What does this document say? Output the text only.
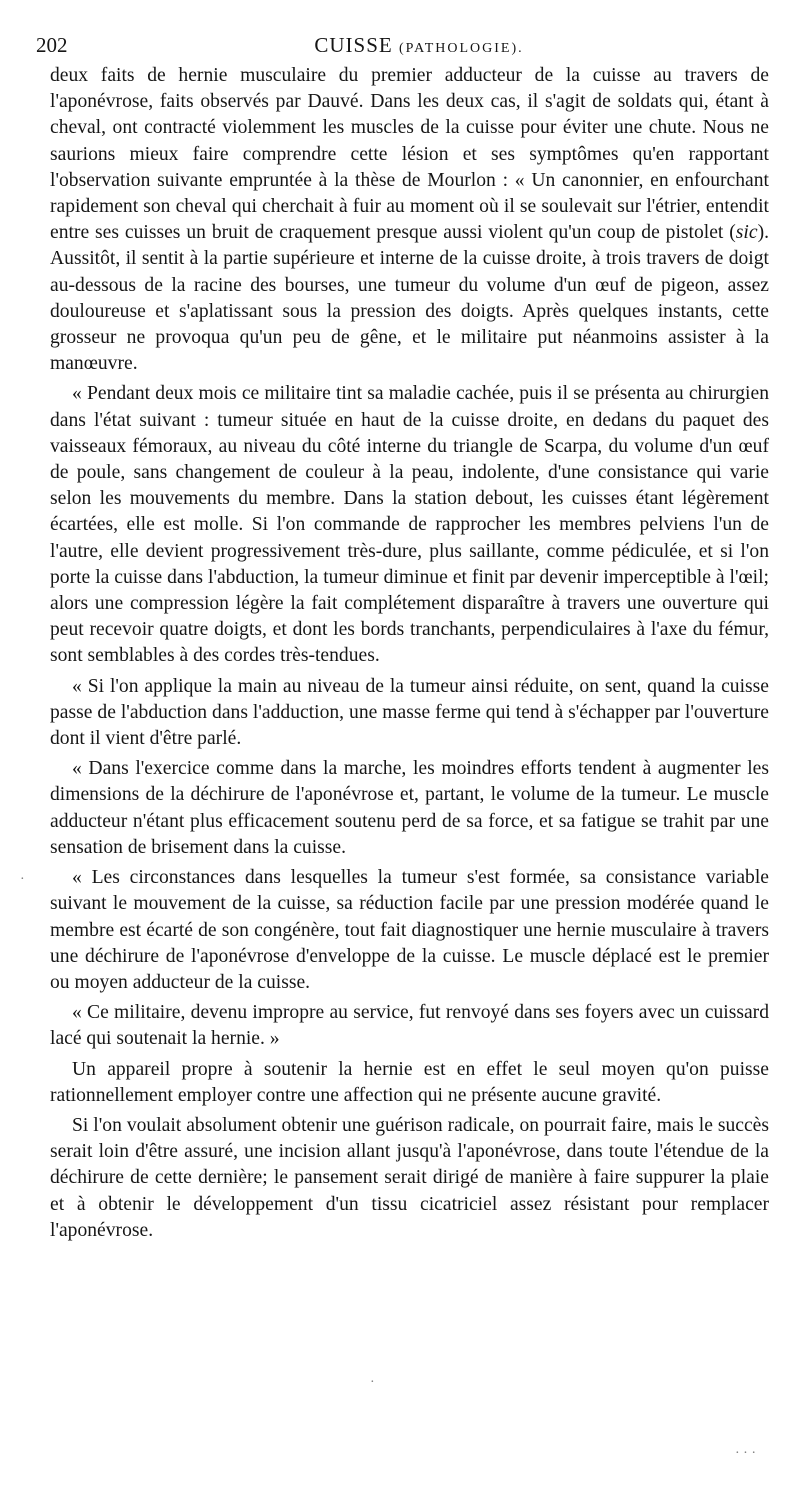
202	CUISSE (PATHOLOGIE).

deux faits de hernie musculaire du premier adducteur de la cuisse au travers de l'aponévrose, faits observés par Dauvé. Dans les deux cas, il s'agit de soldats qui, étant à cheval, ont contracté violemment les muscles de la cuisse pour éviter une chute. Nous ne saurions mieux faire comprendre cette lésion et ses symptômes qu'en rapportant l'observation suivante empruntée à la thèse de Mourlon : « Un canonnier, en enfourchant rapidement son cheval qui cherchait à fuir au moment où il se soulevait sur l'étrier, entendit entre ses cuisses un bruit de craquement presque aussi violent qu'un coup de pistolet (sic). Aussitôt, il sentit à la partie supérieure et interne de la cuisse droite, à trois travers de doigt au-dessous de la racine des bourses, une tumeur du volume d'un œuf de pigeon, assez douloureuse et s'aplatissant sous la pression des doigts. Après quelques instants, cette grosseur ne provoqua qu'un peu de gêne, et le militaire put néanmoins assister à la manœuvre.

« Pendant deux mois ce militaire tint sa maladie cachée, puis il se présenta au chirurgien dans l'état suivant : tumeur située en haut de la cuisse droite, en dedans du paquet des vaisseaux fémoraux, au niveau du côté interne du triangle de Scarpa, du volume d'un œuf de poule, sans changement de couleur à la peau, indolente, d'une consistance qui varie selon les mouvements du membre. Dans la station debout, les cuisses étant légèrement écartées, elle est molle. Si l'on commande de rapprocher les membres pelviens l'un de l'autre, elle devient progressivement très-dure, plus saillante, comme pédiculée, et si l'on porte la cuisse dans l'abduction, la tumeur diminue et finit par devenir imperceptible à l'œil; alors une compression légère la fait complétement disparaître à travers une ouverture qui peut recevoir quatre doigts, et dont les bords tranchants, perpendiculaires à l'axe du fémur, sont semblables à des cordes très-tendues.

« Si l'on applique la main au niveau de la tumeur ainsi réduite, on sent, quand la cuisse passe de l'abduction dans l'adduction, une masse ferme qui tend à s'échapper par l'ouverture dont il vient d'être parlé.

« Dans l'exercice comme dans la marche, les moindres efforts tendent à augmenter les dimensions de la déchirure de l'aponévrose et, partant, le volume de la tumeur. Le muscle adducteur n'étant plus efficacement soutenu perd de sa force, et sa fatigue se trahit par une sensation de brisement dans la cuisse.

« Les circonstances dans lesquelles la tumeur s'est formée, sa consistance variable suivant le mouvement de la cuisse, sa réduction facile par une pression modérée quand le membre est écarté de son congénère, tout fait diagnostiquer une hernie musculaire à travers une déchirure de l'aponévrose d'enveloppe de la cuisse. Le muscle déplacé est le premier ou moyen adducteur de la cuisse.

« Ce militaire, devenu impropre au service, fut renvoyé dans ses foyers avec un cuissard lacé qui soutenait la hernie. »

Un appareil propre à soutenir la hernie est en effet le seul moyen qu'on puisse rationnellement employer contre une affection qui ne présente aucune gravité.

Si l'on voulait absolument obtenir une guérison radicale, on pourrait faire, mais le succès serait loin d'être assuré, une incision allant jusqu'à l'aponévrose, dans toute l'étendue de la déchirure de cette dernière; le pansement serait dirigé de manière à faire suppurer la plaie et à obtenir le développement d'un tissu cicatriciel assez résistant pour remplacer l'aponévrose.

·
·
· · ·
